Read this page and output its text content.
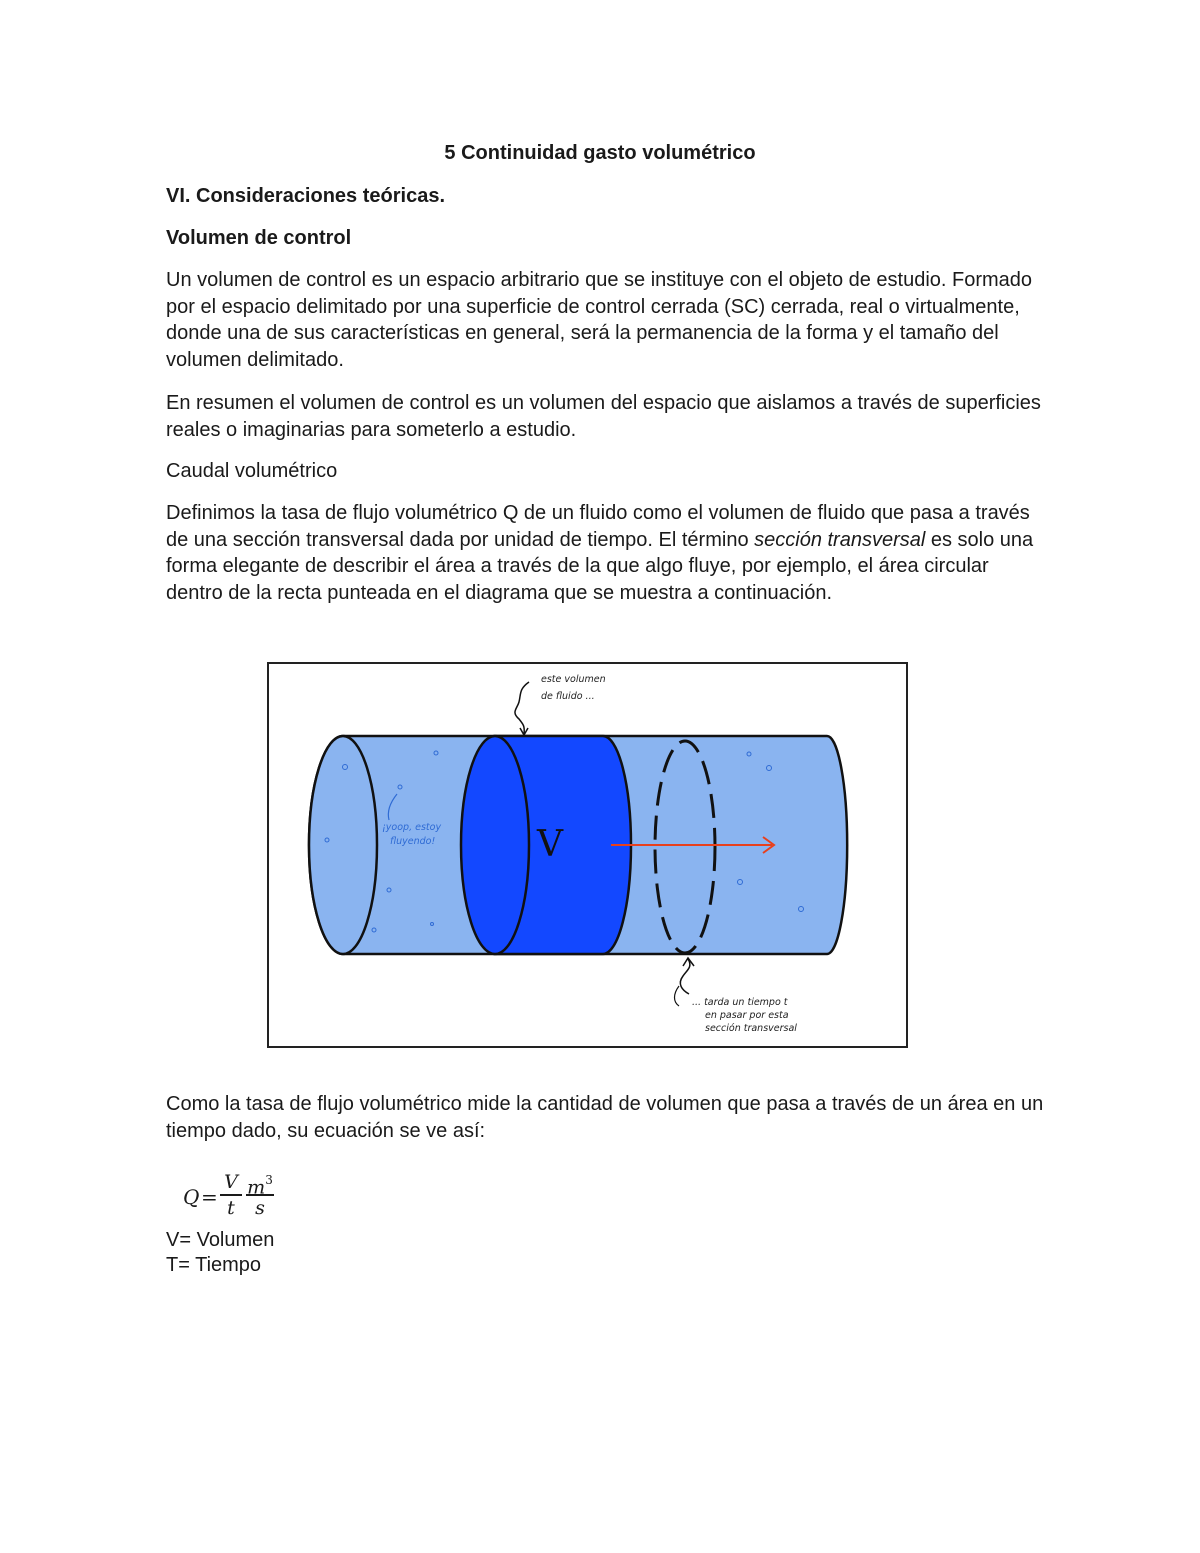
5 Continuidad gasto volumétrico
VI. Consideraciones teóricas.
Volumen de control
Un volumen de control es un espacio arbitrario que se instituye con el objeto de estudio. Formado por el espacio delimitado por una superficie de control cerrada (SC) cerrada, real o virtualmente, donde una de sus características en general, será la permanencia de la forma y el tamaño del volumen delimitado.
En resumen el volumen de control es un volumen del espacio que aislamos a través de superficies reales o imaginarias para someterlo a estudio.
Caudal volumétrico
Definimos la tasa de flujo volumétrico Q de un fluido como el volumen de fluido que pasa a través de una sección transversal dada por unidad de tiempo. El término sección transversal es solo una forma elegante de describir el área a través de la que algo fluye, por ejemplo, el área circular dentro de la recta punteada en el diagrama que se muestra a continuación.
V
este volumen
de fluido ...
¡yoop, estoy
fluyendo!
... tarda un tiempo t
en pasar por esta
sección transversal
Como la tasa de flujo volumétrico mide la cantidad de volumen que pasa a través de un área en un tiempo dado, su ecuación se ve así:
Q =
V
t
$m^3$
s
V= Volumen
T= Tiempo
